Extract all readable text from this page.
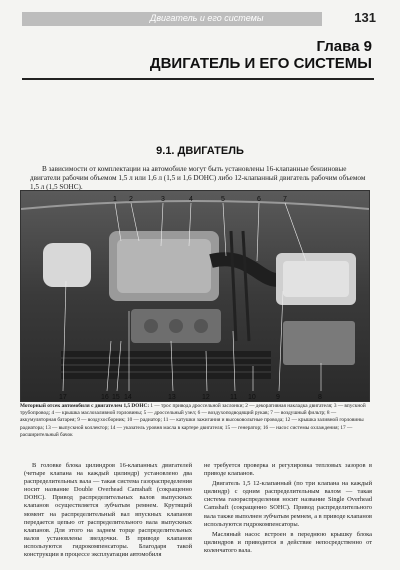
Двигатель и его системы	131
Глава 9
ДВИГАТЕЛЬ И ЕГО СИСТЕМЫ
9.1. ДВИГАТЕЛЬ
В зависимости от комплектации на автомобиле могут быть установлены 16-клапанные бензиновые двигатели рабочим объемом 1,5 л или 1,6 л (1,5 и 1,6 DOHC) либо 12-клапанный двигатель рабочим объемом 1,5 л (1,5 SOHC).
1 2	3	4	5	6	7
17	16 15 14	13	12	11 10	9	8
Моторный отсек автомобиля с двигателем 1,5 DOHC: 1 — трос привода дроссельной заслонки; 2 — декоративная накладка двигателя; 3 — впускной трубопровод; 4 — крышка маслозаливной горловины; 5 — дроссельный узел; 6 — воздухоподводящий рукав; 7 — воздушный фильтр; 8 — аккумуляторная батарея; 9 — воздухосборник; 10 — радиатор; 11 — катушки зажигания и высоковольтные провода; 12 — крышка заливной горловины радиатора; 13 — выпускной коллектор; 14 — указатель уровня масла в картере двигателя; 15 — генератор; 16 — насос системы охлаждения; 17 — расширительный бачок

В головке блока цилиндров 16-клапанных двигателей (четыре клапана на каждый цилиндр) установлено два распределительных вала — такая система газораспределения носит название Double Overhead Camshaft (сокращенно DOHC). Привод распределительных валов выпускных клапанов осуществляется зубчатым ремнем. Крутящий момент на распределительный вал впускных клапанов передается цепью от распределительного вала выпускных клапанов. Для этого на заднем торце распределительных валов установлены звездочки. В приводе клапанов используются гидрокомпенсаторы. Благодаря такой конструкции в процессе эксплуатации автомобиля

не требуется проверка и регулировка тепловых зазоров в приводе клапанов.

Двигатель 1,5 12-клапанный (по три клапана на каждый цилиндр) с одним распределительным валом — такая система газораспределения носит название Single Overhead Camshaft (сокращенно SOHC). Привод распределительного вала также выполнен зубчатым ремнем, а в приводе клапанов используются гидрокомпенсаторы.

Масляный насос встроен в переднюю крышку блока цилиндров и приводится в действие непосредственно от коленчатого вала.
